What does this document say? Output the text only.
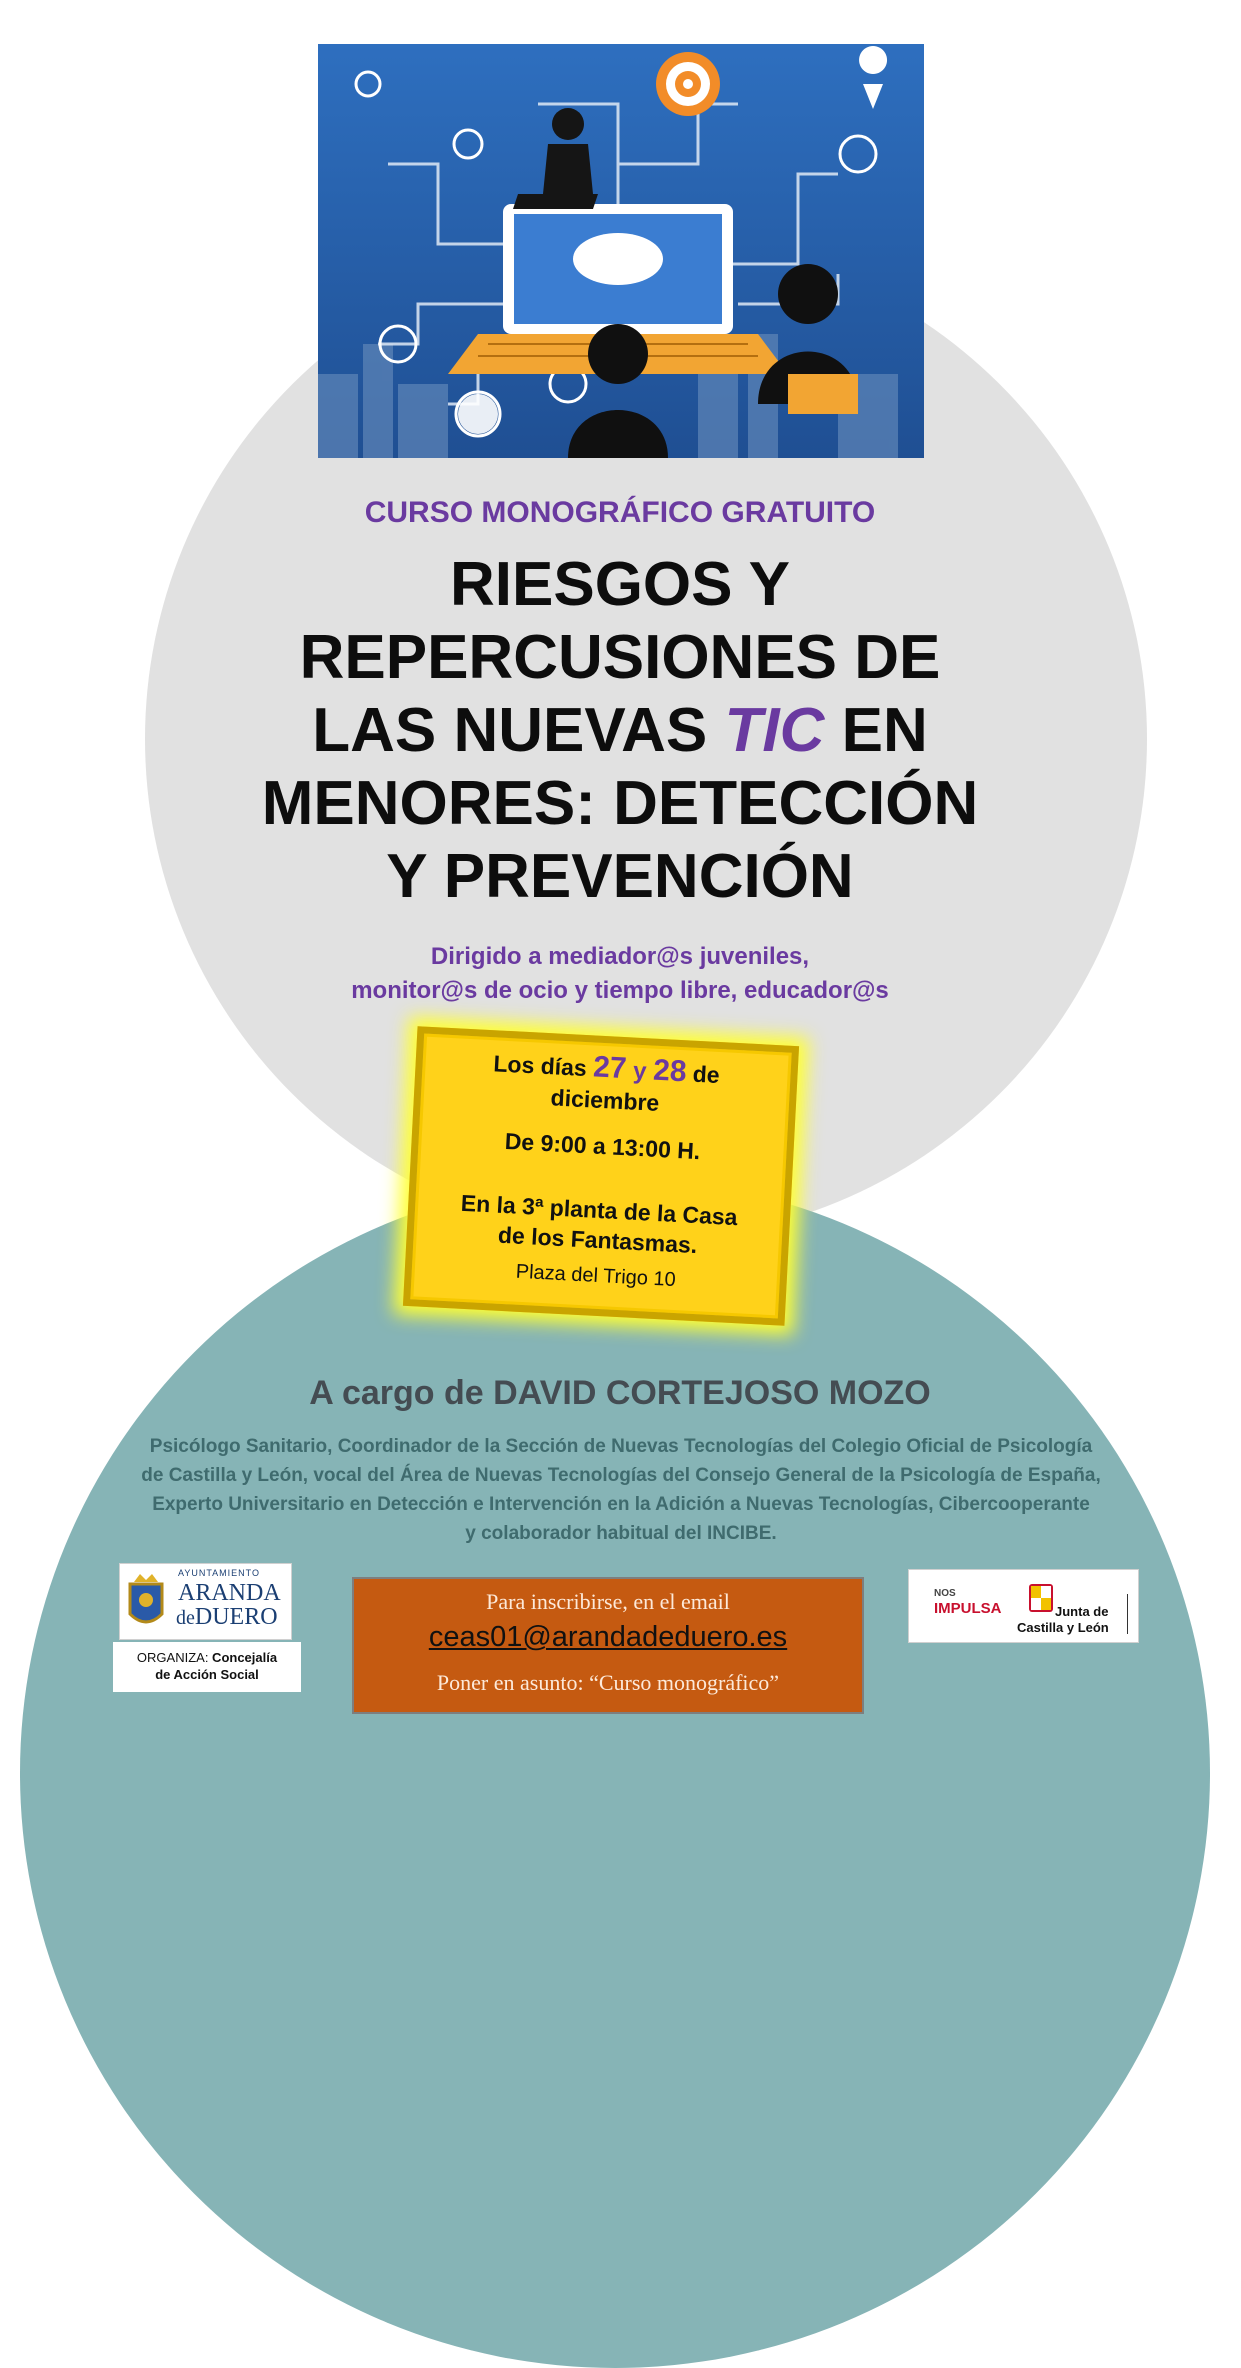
CURSO MONOGRÁFICO GRATUITO
RIESGOS Y
REPERCUSIONES DE
LAS NUEVAS TIC EN
MENORES: DETECCIÓN
Y PREVENCIÓN
Dirigido a mediador@s juveniles,
monitor@s de ocio y tiempo libre, educador@s
Los días 27 y 28 de
diciembre
De 9:00 a 13:00 H.
En la 3ª planta de la Casa
de los Fantasmas.
Plaza del Trigo 10
A cargo de DAVID CORTEJOSO MOZO
Psicólogo Sanitario, Coordinador de la Sección de Nuevas Tecnologías del Colegio Oficial de Psicología
de Castilla y León, vocal del Área de Nuevas Tecnologías del Consejo General de la Psicología de España,
Experto Universitario en Detección e Intervención en la Adición a Nuevas Tecnologías, Cibercooperante
y colaborador habitual del INCIBE.
AYUNTAMIENTO
ARANDA
deDUERO
ORGANIZA: Concejalía
de Acción Social
Para inscribirse, en el email
ceas01@arandadeduero.es
Poner en asunto: “Curso monográfico”
NOS
IMPULSA	Junta de
Castilla y León
